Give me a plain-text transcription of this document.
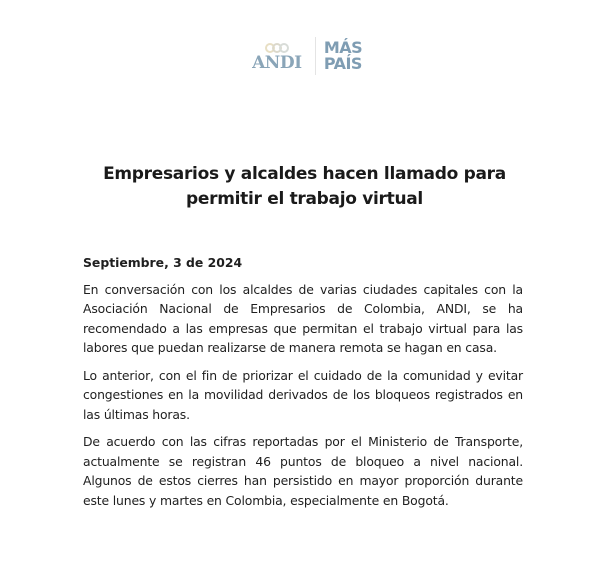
ANDI
MÁS
PAÍS
Empresarios y alcaldes hacen llamado para
permitir el trabajo virtual

Septiembre, 3 de 2024

En conversación con los alcaldes de varias ciudades capitales con la Asociación Nacional de Empresarios de Colombia, ANDI, se ha recomendado a las empresas que permitan el trabajo virtual para las labores que puedan realizarse de manera remota se hagan en casa.

Lo anterior, con el fin de priorizar el cuidado de la comunidad y evitar congestiones en la movilidad derivados de los bloqueos registrados en las últimas horas.

De acuerdo con las cifras reportadas por el Ministerio de Transporte, actualmente se registran 46 puntos de bloqueo a nivel nacional. Algunos de estos cierres han persistido en mayor proporción durante este lunes y martes en Colombia, especialmente en Bogotá.
